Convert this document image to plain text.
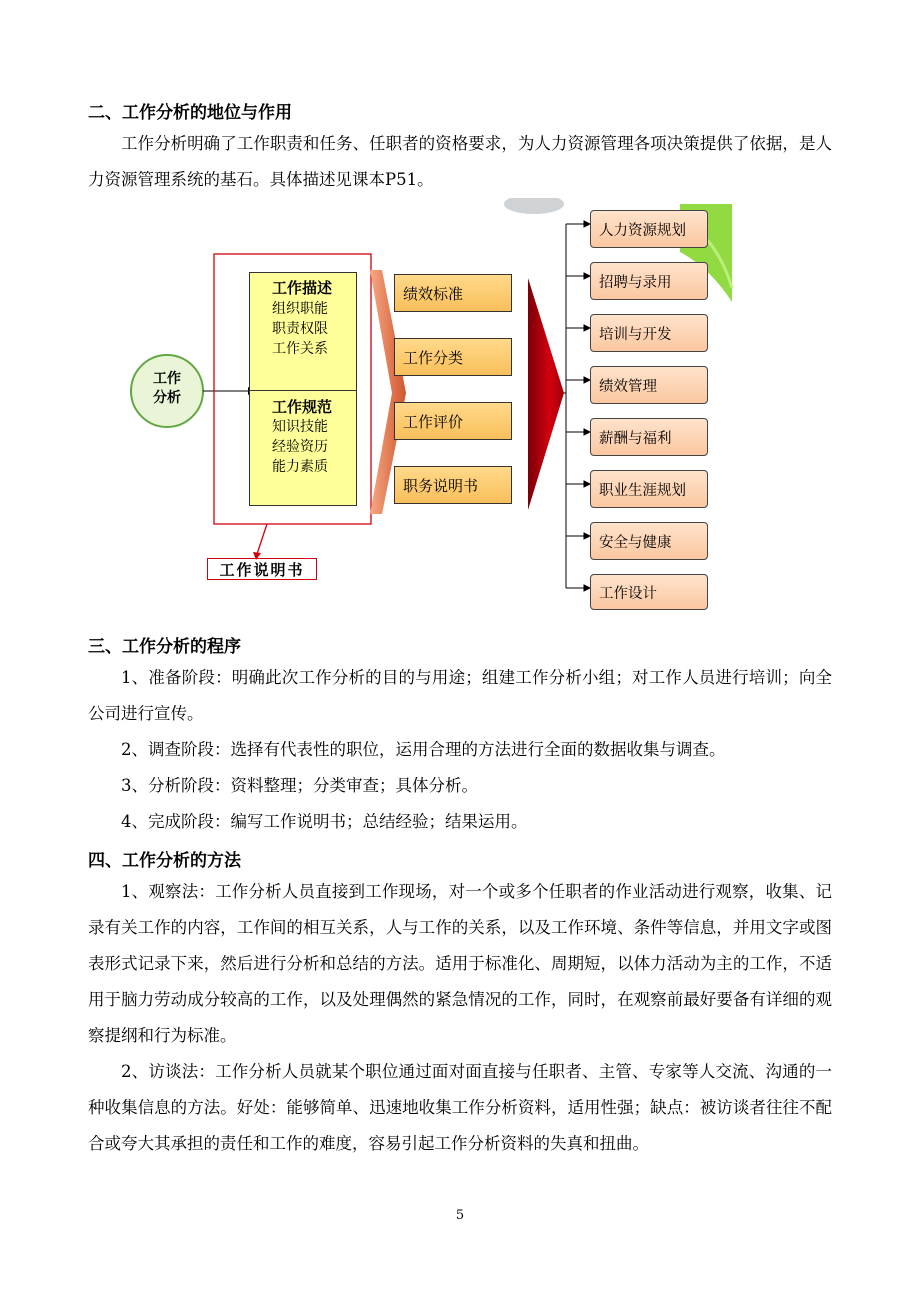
二、工作分析的地位与作用

工作分析明确了工作职责和任务、任职者的资格要求，为人力资源管理各项决策提供了依据，是人力资源管理系统的基石。具体描述见课本P51。

工作
分析
工作描述
组织职能
职责权限
工作关系
工作规范
知识技能
经验资历
能力素质
工作说明书
绩效标准
工作分类
工作评价
职务说明书
人力资源规划
招聘与录用
培训与开发
绩效管理
薪酬与福利
职业生涯规划
安全与健康
工作设计
三、工作分析的程序

1、准备阶段：明确此次工作分析的目的与用途；组建工作分析小组；对工作人员进行培训；向全公司进行宣传。

2、调查阶段：选择有代表性的职位，运用合理的方法进行全面的数据收集与调查。

3、分析阶段：资料整理；分类审查；具体分析。

4、完成阶段：编写工作说明书；总结经验；结果运用。

四、工作分析的方法

1、观察法：工作分析人员直接到工作现场，对一个或多个任职者的作业活动进行观察，收集、记录有关工作的内容，工作间的相互关系，人与工作的关系，以及工作环境、条件等信息，并用文字或图表形式记录下来，然后进行分析和总结的方法。适用于标准化、周期短，以体力活动为主的工作，不适用于脑力劳动成分较高的工作，以及处理偶然的紧急情况的工作，同时，在观察前最好要备有详细的观察提纲和行为标准。

2、访谈法：工作分析人员就某个职位通过面对面直接与任职者、主管、专家等人交流、沟通的一种收集信息的方法。好处：能够简单、迅速地收集工作分析资料，适用性强；缺点：被访谈者往往不配合或夸大其承担的责任和工作的难度，容易引起工作分析资料的失真和扭曲。

5
